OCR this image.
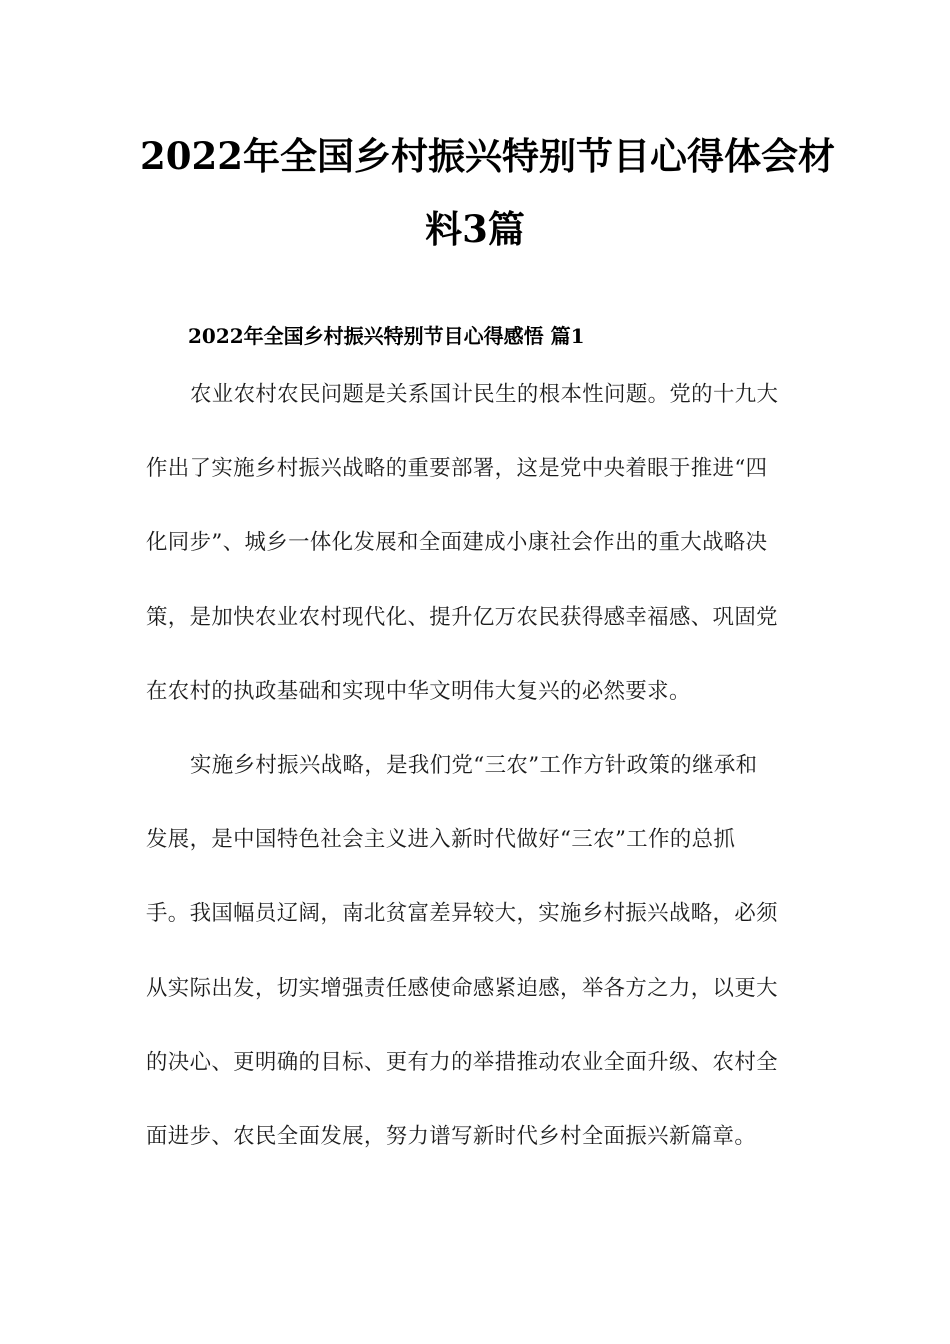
2022年全国乡村振兴特别节目心得体会材
料3篇
2022年全国乡村振兴特别节目心得感悟 篇1

农业农村农民问题是关系国计民生的根本性问题。党的十九大

作出了实施乡村振兴战略的重要部署，这是党中央着眼于推进“四

化同步”、城乡一体化发展和全面建成小康社会作出的重大战略决

策，是加快农业农村现代化、提升亿万农民获得感幸福感、巩固党

在农村的执政基础和实现中华文明伟大复兴的必然要求。

实施乡村振兴战略，是我们党“三农”工作方针政策的继承和

发展，是中国特色社会主义进入新时代做好“三农”工作的总抓

手。我国幅员辽阔，南北贫富差异较大，实施乡村振兴战略，必须

从实际出发，切实增强责任感使命感紧迫感，举各方之力，以更大

的决心、更明确的目标、更有力的举措推动农业全面升级、农村全

面进步、农民全面发展，努力谱写新时代乡村全面振兴新篇章。
